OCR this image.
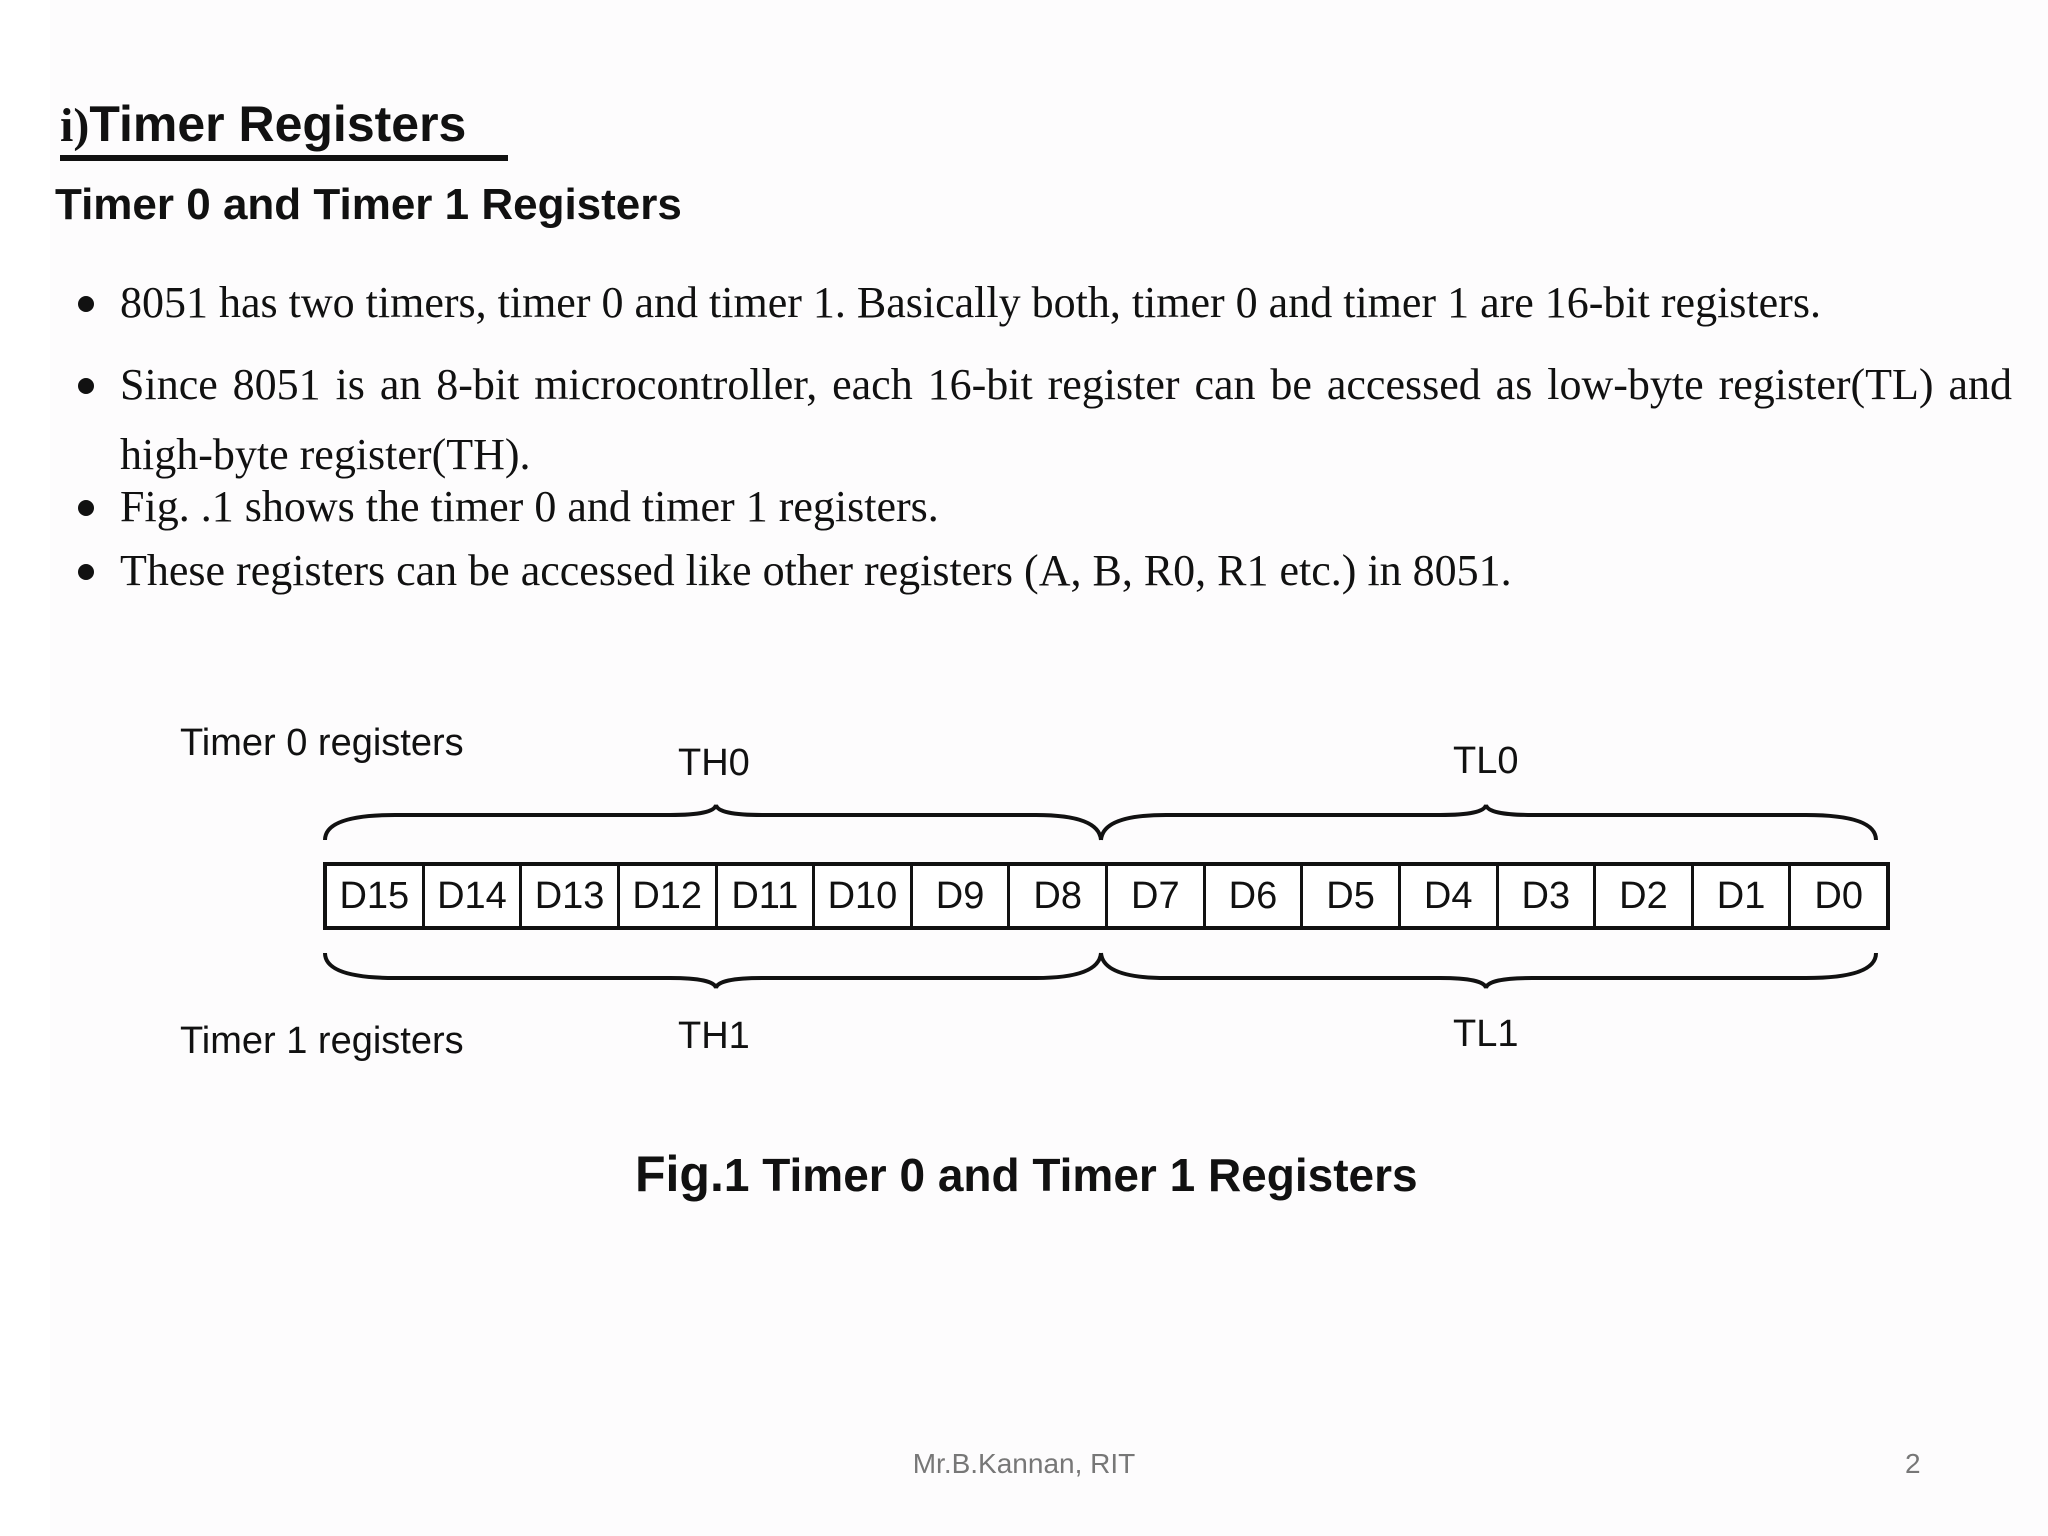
i)Timer Registers
Timer 0 and Timer 1 Registers
8051 has two timers, timer 0 and timer 1. Basically both, timer 0 and timer 1 are 16-bit registers.
Since 8051 is an 8-bit microcontroller, each 16-bit register can be accessed as low-byte register(TL) and high-byte register(TH).
Fig. .1 shows the timer 0 and timer 1 registers.
These registers can be accessed like other registers (A, B, R0, R1 etc.) in 8051.
Timer 0 registers	TH0	TL0
D15 D14 D13 D12 D11 D10	D9	D8	D7	D6	D5	D4	D3	D2	D1	D0
Timer 1 registers	TH1	TL1
Fig.1 Timer 0 and Timer 1 Registers
Mr.B.Kannan, RIT	2
